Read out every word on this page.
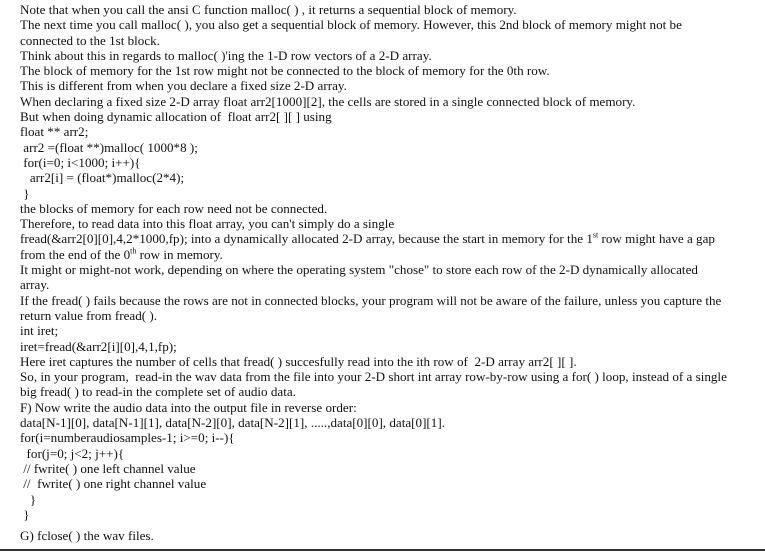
Note that when you call the ansi C function malloc( ) , it returns a sequential block of memory.
The next time you call malloc( ), you also get a sequential block of memory. However, this 2nd block of memory might not be
connected to the 1st block.
Think about this in regards to malloc( )'ing the 1-D row vectors of a 2-D array.
The block of memory for the 1st row might not be connected to the block of memory for the 0th row.
This is different from when you declare a fixed size 2-D array.
When declaring a fixed size 2-D array float arr2[1000][2], the cells are stored in a single connected block of memory.
But when doing dynamic allocation of  float arr2[ ][ ] using
float ** arr2;
arr2 =(float **)malloc( 1000*8 );
for(i=0; i<1000; i++){
arr2[i] = (float*)malloc(2*4);
}
the blocks of memory for each row need not be connected.
Therefore, to read data into this float array, you can't simply do a single
fread(&arr2[0][0],4,2*1000,fp); into a dynamically allocated 2-D array, because the start in memory for the 1st row might have a gap
from the end of the 0th row in memory.
It might or might-not work, depending on where the operating system "chose" to store each row of the 2-D dynamically allocated
array.
If the fread( ) fails because the rows are not in connected blocks, your program will not be aware of the failure, unless you capture the
return value from fread( ).
int iret;
iret=fread(&arr2[i][0],4,1,fp);
Here iret captures the number of cells that fread( ) succesfully read into the ith row of  2-D array arr2[ ][ ].
So, in your program,  read-in the wav data from the file into your 2-D short int array row-by-row using a for( ) loop, instead of a single
big fread( ) to read-in the complete set of audio data.
F) Now write the audio data into the output file in reverse order:
data[N-1][0], data[N-1][1], data[N-2][0], data[N-2][1], .....,data[0][0], data[0][1].
for(i=numberaudiosamples-1; i>=0; i--){
for(j=0; j<2; j++){
// fwrite( ) one left channel value
//  fwrite( ) one right channel value
}
}
G) fclose( ) the wav files.
